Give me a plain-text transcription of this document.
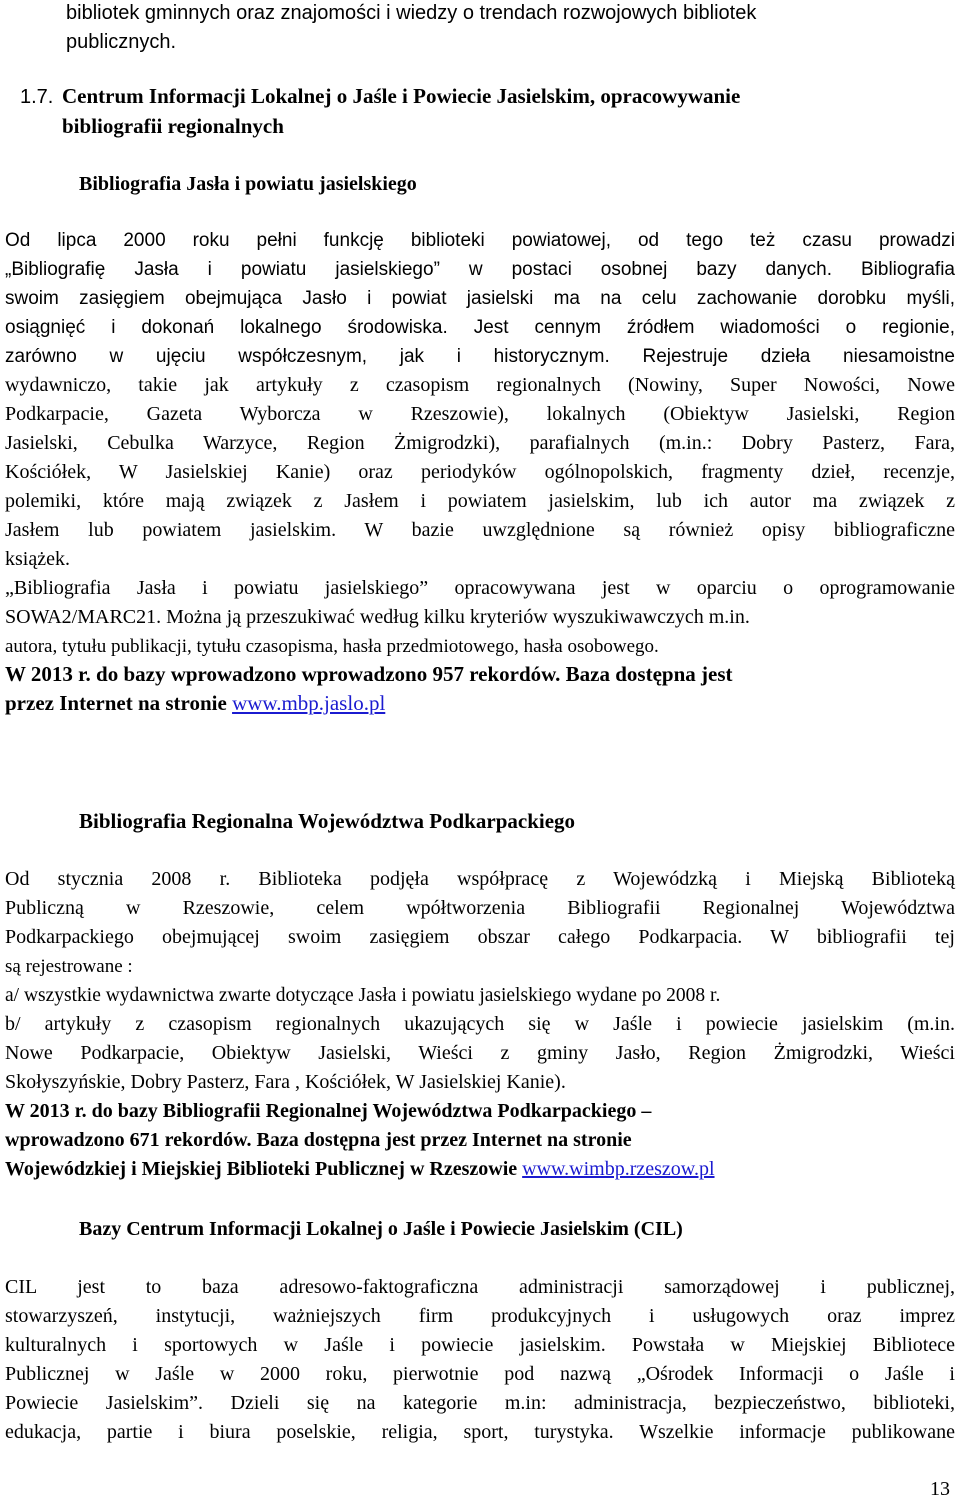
bibliotek gminnych oraz znajomości i wiedzy o trendach rozwojowych bibliotek
publicznych.
1.7. Centrum Informacji Lokalnej o Jaśle i Powiecie Jasielskim, opracowywanie
bibliografii regionalnych
Bibliografia Jasła i powiatu jasielskiego
Od lipca 2000 roku pełni funkcję biblioteki powiatowej, od tego też czasu prowadzi
„Bibliografię Jasła i powiatu jasielskiego” w postaci osobnej bazy danych. Bibliografia
swoim zasięgiem obejmująca Jasło i powiat jasielski ma na celu zachowanie dorobku myśli,
osiągnięć i dokonań lokalnego środowiska. Jest cennym źródłem wiadomości o regionie,
zarówno w ujęciu współczesnym, jak i historycznym. Rejestruje dzieła niesamoistne
wydawniczo, takie jak artykuły z czasopism regionalnych (Nowiny, Super Nowości, Nowe
Podkarpacie, Gazeta Wyborcza w Rzeszowie), lokalnych (Obiektyw Jasielski, Region
Jasielski, Cebulka Warzyce, Region Żmigrodzki), parafialnych (m.in.: Dobry Pasterz, Fara,
Kościółek, W Jasielskiej Kanie) oraz periodyków ogólnopolskich, fragmenty dzieł, recenzje,
polemiki, które mają związek z Jasłem i powiatem jasielskim, lub ich autor ma związek z
Jasłem lub powiatem jasielskim. W bazie uwzględnione są również opisy bibliograficzne
książek.
„Bibliografia Jasła i powiatu jasielskiego” opracowywana jest w oparciu o oprogramowanie
SOWA2/MARC21. Można ją przeszukiwać według kilku kryteriów wyszukiwawczych m.in.
autora, tytułu publikacji, tytułu czasopisma, hasła przedmiotowego, hasła osobowego.
W 2013 r. do bazy wprowadzono wprowadzono 957 rekordów. Baza dostępna jest
przez Internet na stronie www.mbp.jaslo.pl
Bibliografia Regionalna Województwa Podkarpackiego
Od stycznia 2008 r. Biblioteka podjęła współpracę z Wojewódzką i Miejską Biblioteką
Publiczną w Rzeszowie, celem wpółtworzenia Bibliografii Regionalnej Województwa
Podkarpackiego obejmującej swoim zasięgiem obszar całego Podkarpacia. W bibliografii tej
są rejestrowane :
a/ wszystkie wydawnictwa zwarte dotyczące Jasła i powiatu jasielskiego wydane po 2008 r.
b/ artykuły z czasopism regionalnych ukazujących się w Jaśle i powiecie jasielskim (m.in.
Nowe Podkarpacie, Obiektyw Jasielski, Wieści z gminy Jasło, Region Żmigrodzki, Wieści
Skołyszyńskie, Dobry Pasterz, Fara , Kościółek, W Jasielskiej Kanie).
W 2013 r. do bazy Bibliografii Regionalnej Województwa Podkarpackiego –
wprowadzono 671 rekordów. Baza dostępna jest przez Internet na stronie
Wojewódzkiej i Miejskiej Biblioteki Publicznej w Rzeszowie www.wimbp.rzeszow.pl
Bazy Centrum Informacji Lokalnej o Jaśle i Powiecie Jasielskim (CIL)
CIL jest to baza adresowo-faktograficzna administracji samorządowej i publicznej,
stowarzyszeń, instytucji, ważniejszych firm produkcyjnych i usługowych oraz imprez
kulturalnych i sportowych w Jaśle i powiecie jasielskim. Powstała w Miejskiej Bibliotece
Publicznej w Jaśle w 2000 roku, pierwotnie pod nazwą „Ośrodek Informacji o Jaśle i
Powiecie Jasielskim”. Dzieli się na kategorie m.in: administracja, bezpieczeństwo, biblioteki,
edukacja, partie i biura poselskie, religia, sport, turystyka. Wszelkie informacje publikowane
13
